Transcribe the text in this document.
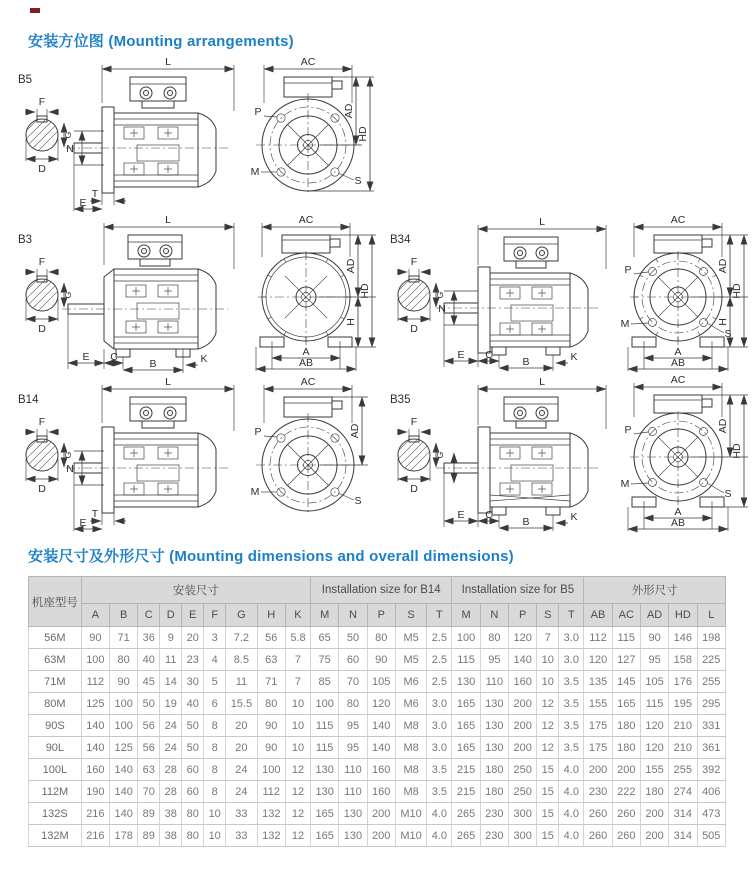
安装方位图 (Mounting arrangements)
B5
F
G
D
L
N
T
E
AC
P
M
S
AD
HD
B3
F
G
D
L
E C
B	K
AC
A
AB
AD
H
HD
B34
F
G
D
L
N
E C
B	K
AC
P
M
S
A
AB
AD
H
HD
B14
F
G
D
L
N
T
E
AC
P
M
S
AD
B35
F
G
D
L
E C
B	K
AC
P
M
S
A
AB
AD
HD
安装尺寸及外形尺寸 (Mounting dimensions and overall dimensions)
机座型号	安装尺寸									Installation size for B14					Installation size for B5					外形尺寸				
	A	B	C	D	E	F	G	H	K	M	N	P	S	T	M	N	P	S	T	AB	AC	AD	HD	L
56M	90	71	36	9	20	3	7.2	56	5.8	65	50	80	M5	2.5	100	80	120	7	3.0	112	115	90	146	198
63M	100	80	40	11	23	4	8.5	63	7	75	60	90	M5	2.5	115	95	140	10	3.0	120	127	95	158	225
71M	112	90	45	14	30	5	11	71	7	85	70	105	M6	2.5	130	110	160	10	3.5	135	145	105	176	255
80M	125	100	50	19	40	6	15.5	80	10	100	80	120	M6	3.0	165	130	200	12	3.5	155	165	115	195	295
90S	140	100	56	24	50	8	20	90	10	115	95	140	M8	3.0	165	130	200	12	3.5	175	180	120	210	331
90L	140	125	56	24	50	8	20	90	10	115	95	140	M8	3.0	165	130	200	12	3.5	175	180	120	210	361
100L	160	140	63	28	60	8	24	100	12	130	110	160	M8	3.5	215	180	250	15	4.0	200	200	155	255	392
112M	190	140	70	28	60	8	24	112	12	130	110	160	M8	3.5	215	180	250	15	4.0	230	222	180	274	406
132S	216	140	89	38	80	10	33	132	12	165	130	200	M10	4.0	265	230	300	15	4.0	260	260	200	314	473
132M	216	178	89	38	80	10	33	132	12	165	130	200	M10	4.0	265	230	300	15	4.0	260	260	200	314	505
